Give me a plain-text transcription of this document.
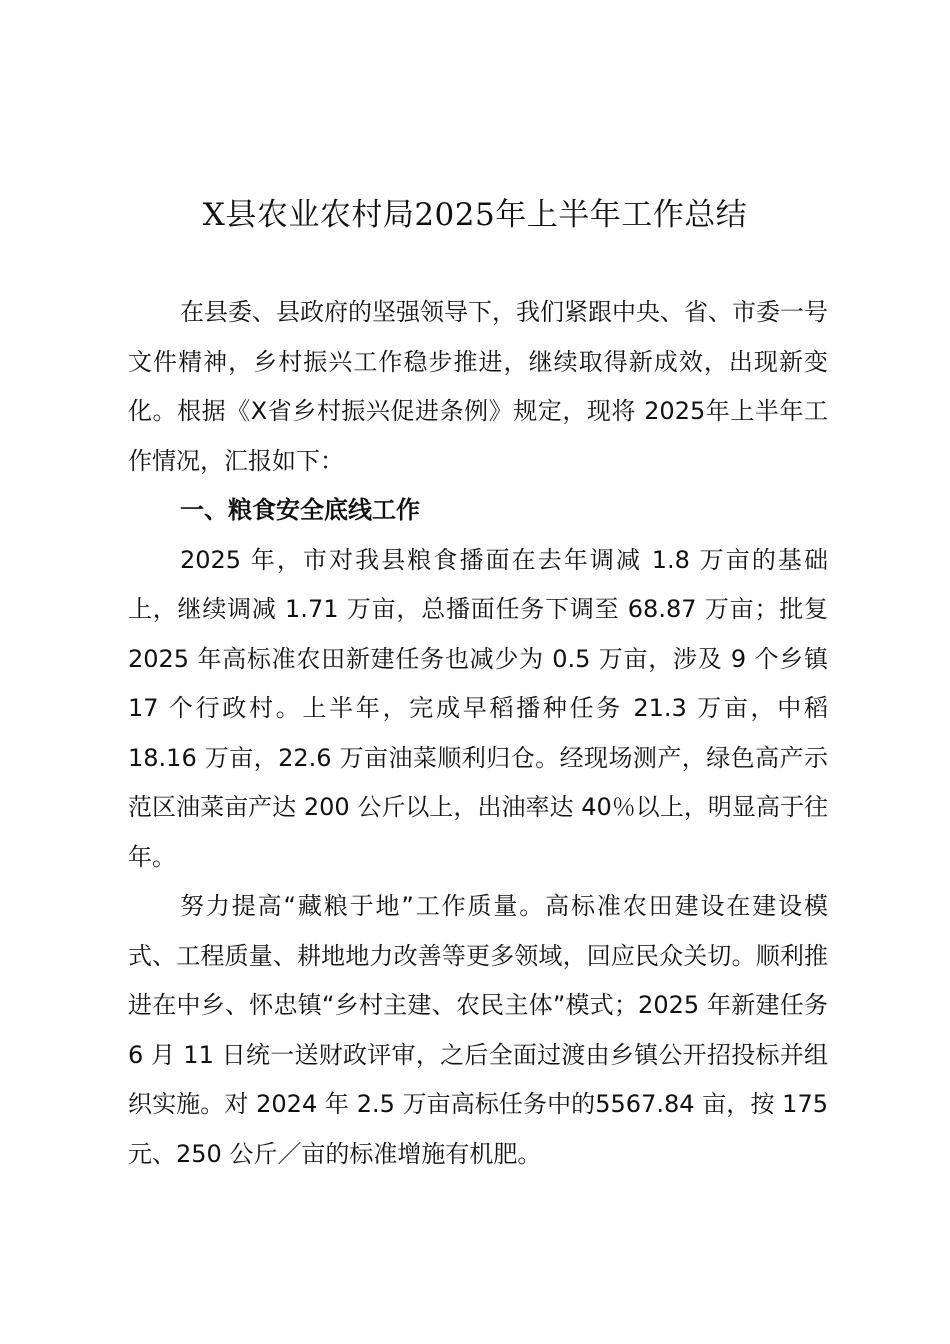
X县农业农村局2025年上半年工作总结

在县委、县政府的坚强领导下，我们紧跟中央、省、市委一号文件精神，乡村振兴工作稳步推进，继续取得新成效，出现新变化。根据《X省乡村振兴促进条例》规定，现将 2025年上半年工作情况，汇报如下：

一、粮食安全底线工作

2025 年，市对我县粮食播面在去年调减 1.8 万亩的基础上，继续调减 1.71 万亩，总播面任务下调至 68.87 万亩；批复 2025 年高标准农田新建任务也减少为 0.5 万亩，涉及 9 个乡镇 17 个行政村。上半年，完成早稻播种任务 21.3 万亩，中稻 18.16 万亩，22.6 万亩油菜顺利归仓。经现场测产，绿色高产示范区油菜亩产达 200 公斤以上，出油率达 40％以上，明显高于往年。

努力提高“藏粮于地”工作质量。高标准农田建设在建设模式、工程质量、耕地地力改善等更多领域，回应民众关切。顺利推进在中乡、怀忠镇“乡村主建、农民主体”模式；2025 年新建任务 6 月 11 日统一送财政评审，之后全面过渡由乡镇公开招投标并组织实施。对 2024 年 2.5 万亩高标任务中的5567.84 亩，按 175 元、250 公斤／亩的标准增施有机肥。
